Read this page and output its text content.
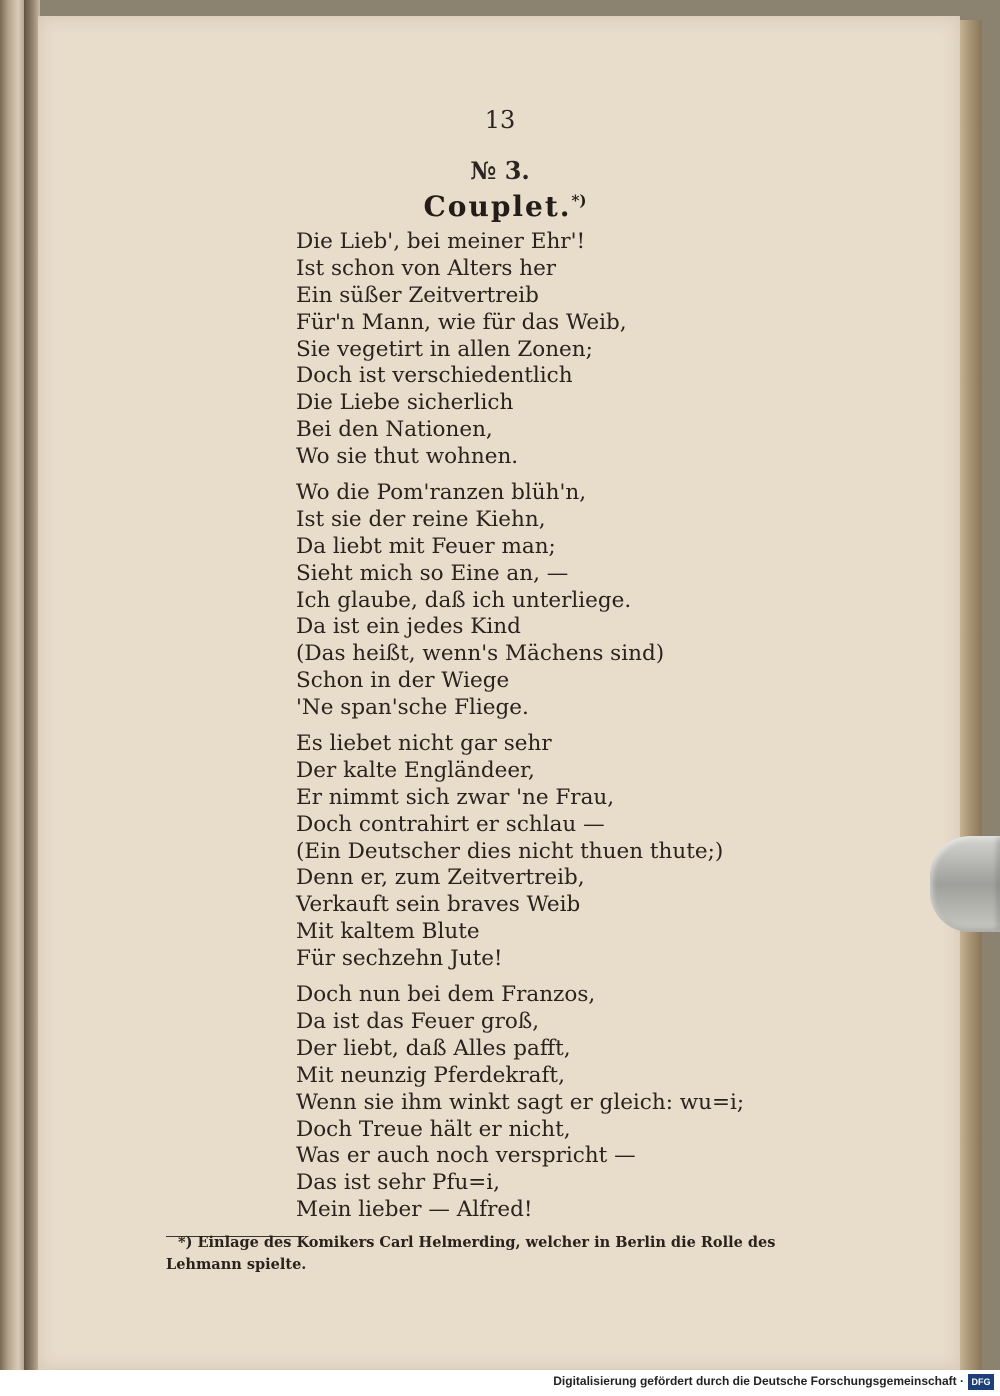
13
№ 3.
Couplet.*)
Die Lieb', bei meiner Ehr'!
Ist schon von Alters her
Ein süßer Zeitvertreib
Für'n Mann, wie für das Weib,
Sie vegetirt in allen Zonen;
Doch ist verschiedentlich
Die Liebe sicherlich
Bei den Nationen,
Wo sie thut wohnen.
Wo die Pom'ranzen blüh'n,
Ist sie der reine Kiehn,
Da liebt mit Feuer man;
Sieht mich so Eine an, —
Ich glaube, daß ich unterliege.
Da ist ein jedes Kind
(Das heißt, wenn's Mächens sind)
Schon in der Wiege
'Ne span'sche Fliege.
Es liebet nicht gar sehr
Der kalte Engländeer,
Er nimmt sich zwar 'ne Frau,
Doch contrahirt er schlau —
(Ein Deutscher dies nicht thuen thute;)
Denn er, zum Zeitvertreib,
Verkauft sein braves Weib
Mit kaltem Blute
Für sechzehn Jute!
Doch nun bei dem Franzos,
Da ist das Feuer groß,
Der liebt, daß Alles pafft,
Mit neunzig Pferdekraft,
Wenn sie ihm winkt sagt er gleich: wu=i;
Doch Treue hält er nicht,
Was er auch noch verspricht —
Das ist sehr Pfu=i,
Mein lieber — Alfred!
*) Einlage des Komikers Carl Helmerding, welcher in Berlin die Rolle des
Lehmann spielte.
Digitalisierung gefördert durch die Deutsche Forschungsgemeinschaft · DFG
